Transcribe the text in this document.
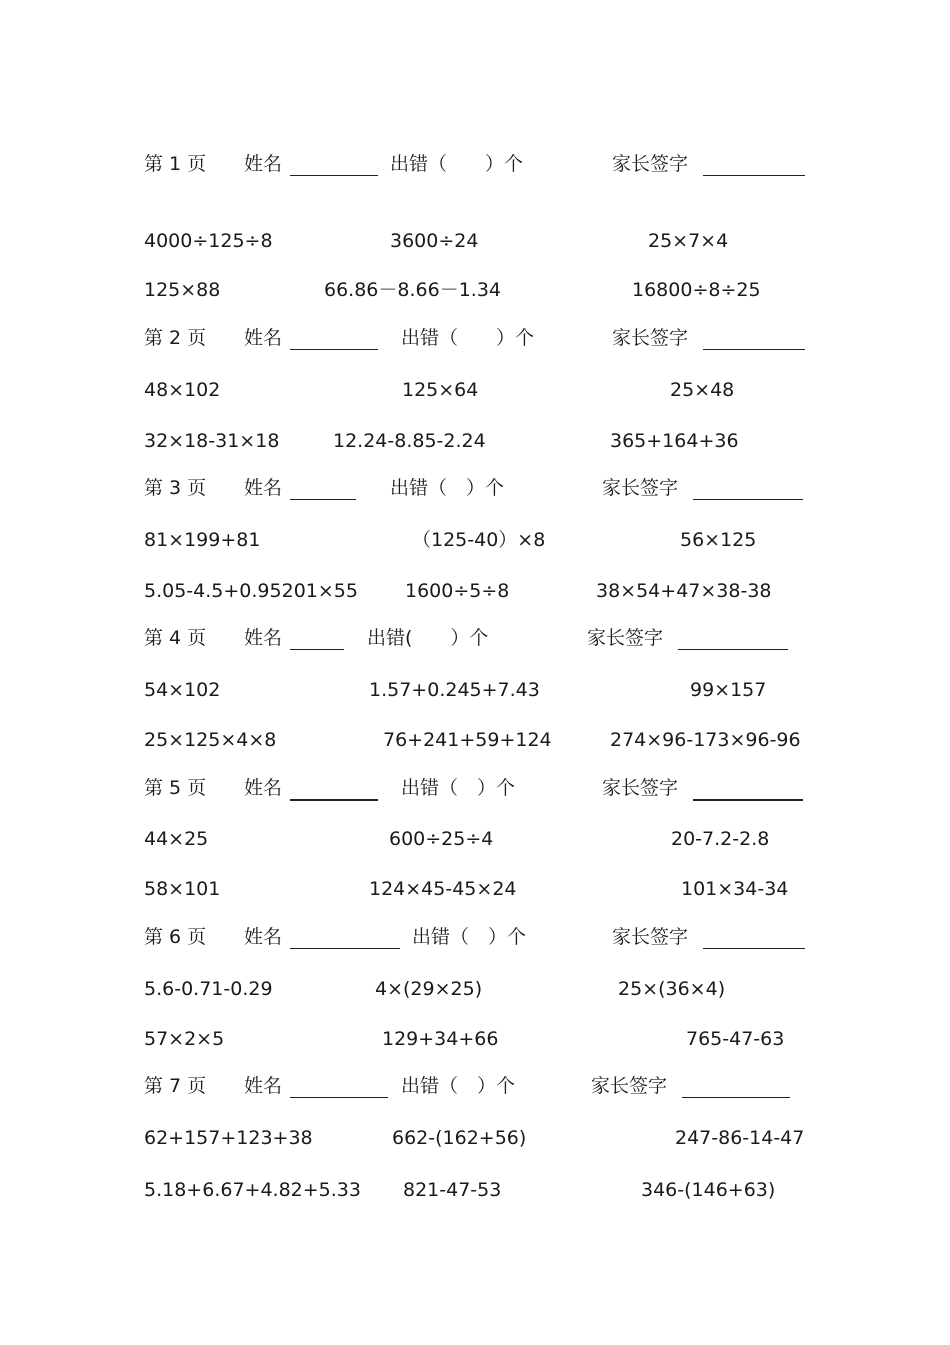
第 1 页 姓名	出错（　　）个	家长签字
4000÷125÷8	3600÷24	25×7×4
125×88	66.86－8.66－1.34	16800÷8÷25
第 2 页 姓名	出错（　　）个	家长签字
48×102	125×64	25×48
32×18-31×18	12.24-8.85-2.24	365+164+36
第 3 页 姓名	出错（　）个	家长签字
81×199+81	（125-40）×8	56×125
5.05-4.5+0.95201×55 1600÷5÷8	38×54+47×38-38
第 4 页 姓名	出错(　　）个	家长签字
54×102	1.57+0.245+7.43	99×157
25×125×4×8	76+241+59+124	274×96-173×96-96
第 5 页 姓名	出错（　）个	家长签字
44×25	600÷25÷4	20-7.2-2.8
58×101	124×45-45×24	101×34-34
第 6 页 姓名	出错（　）个	家长签字
5.6-0.71-0.29	4×(29×25)	25×(36×4)
57×2×5	129+34+66	765-47-63
第 7 页 姓名	出错（　）个	家长签字
62+157+123+38	662-(162+56)	247-86-14-47
5.18+6.67+4.82+5.33 821-47-53	346-(146+63)
